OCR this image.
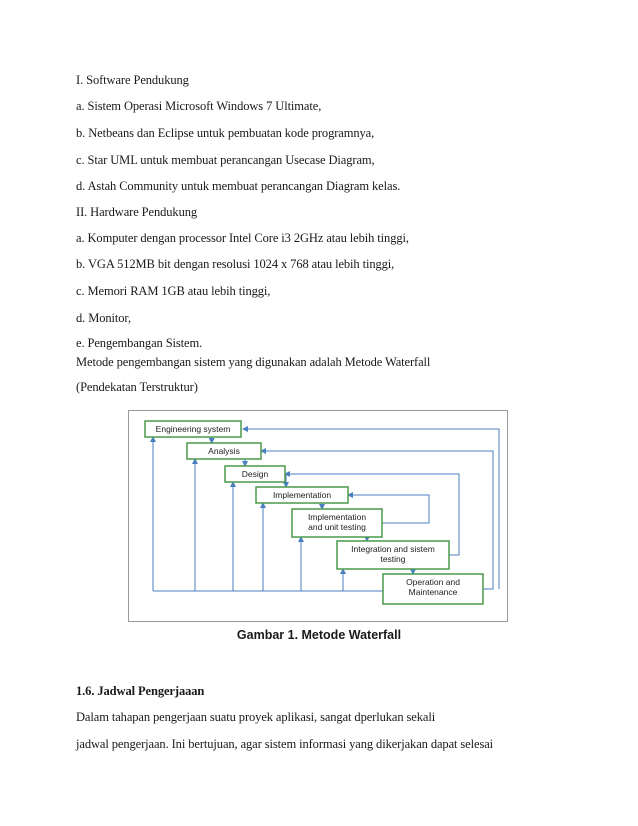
I. Software Pendukung
a. Sistem Operasi Microsoft Windows 7 Ultimate,
b. Netbeans dan Eclipse untuk pembuatan kode programnya,
c. Star UML untuk membuat perancangan Usecase Diagram,
d. Astah Community untuk membuat perancangan Diagram kelas.
II. Hardware Pendukung
a. Komputer dengan processor Intel Core i3 2GHz atau lebih tinggi,
b. VGA 512MB bit dengan resolusi 1024 x 768 atau lebih tinggi,
c. Memori RAM 1GB atau lebih tinggi,
d. Monitor,
e. Pengembangan Sistem.
Metode pengembangan sistem yang digunakan adalah Metode Waterfall
(Pendekatan Terstruktur)
Engineering system
Analysis
Design
Implementation
Implementation
and unit testing
Integration and sistem
testing
Operation and
Maintenance
Gambar 1. Metode Waterfall
1.6. Jadwal Pengerjaaan
Dalam tahapan pengerjaan suatu proyek aplikasi, sangat dperlukan sekali
jadwal pengerjaan. Ini bertujuan, agar sistem informasi yang dikerjakan dapat selesai
